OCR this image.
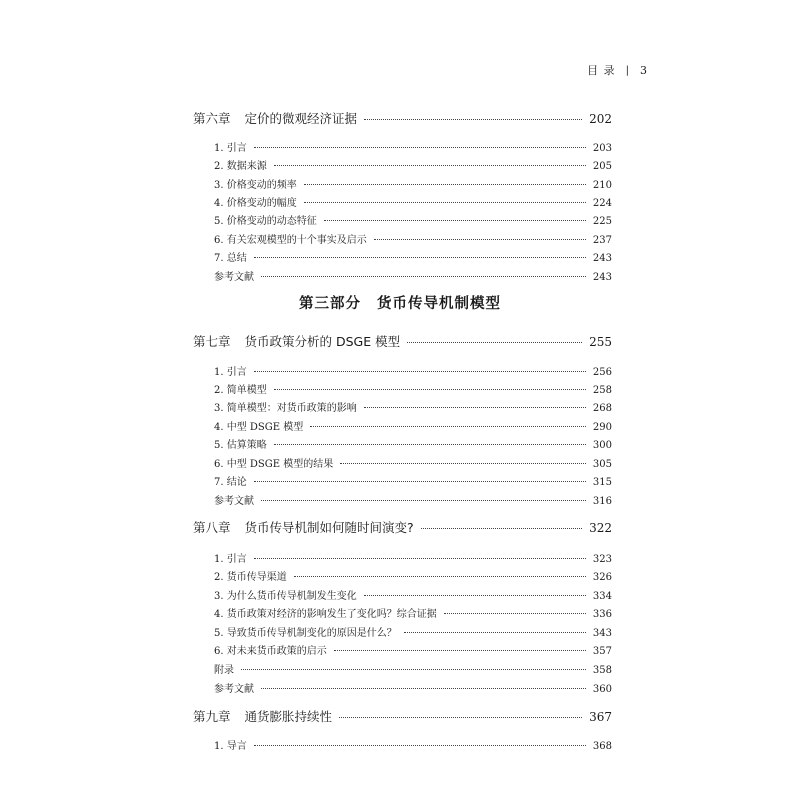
目 录 | 3
第六章 定价的微观经济证据	202
1. 引言	203
2. 数据来源	205
3. 价格变动的频率	210
4. 价格变动的幅度	224
5. 价格变动的动态特征	225
6. 有关宏观模型的十个事实及启示	237
7. 总结	243
参考文献	243
第三部分 货币传导机制模型
第七章 货币政策分析的 DSGE 模型	255
1. 引言	256
2. 简单模型	258
3. 简单模型：对货币政策的影响	268
4. 中型 DSGE 模型	290
5. 估算策略	300
6. 中型 DSGE 模型的结果	305
7. 结论	315
参考文献	316
第八章 货币传导机制如何随时间演变?	322
1. 引言	323
2. 货币传导渠道	326
3. 为什么货币传导机制发生变化	334
4. 货币政策对经济的影响发生了变化吗？综合证据	336
5. 导致货币传导机制变化的原因是什么？	343
6. 对未来货币政策的启示	357
附录	358
参考文献	360
第九章 通货膨胀持续性	367
1. 导言	368
